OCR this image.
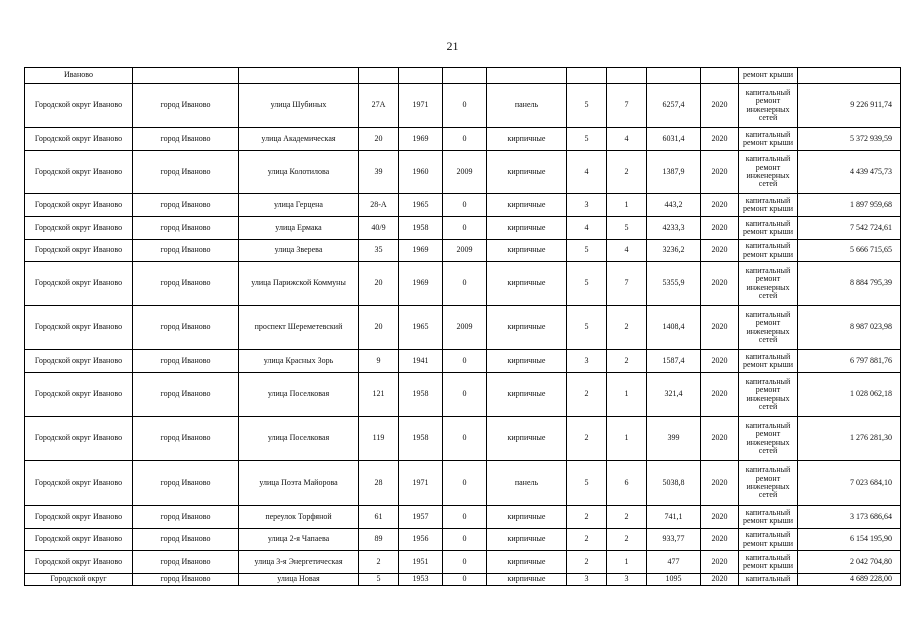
21
Иваново											ремонт крыши	
Городской округ Иваново	город Иваново	улица Шубиных	27А	1971	0	панель	5	7	6257,4	2020	капитальный ремонт инженерных сетей	9 226 911,74
Городской округ Иваново	город Иваново	улица Академическая	20	1969	0	кирпичные	5	4	6031,4	2020	капитальный ремонт крыши	5 372 939,59
Городской округ Иваново	город Иваново	улица Колотилова	39	1960	2009	кирпичные	4	2	1387,9	2020	капитальный ремонт инженерных сетей	4 439 475,73
Городской округ Иваново	город Иваново	улица Герцена	28-А	1965	0	кирпичные	3	1	443,2	2020	капитальный ремонт крыши	1 897 959,68
Городской округ Иваново	город Иваново	улица Ермака	40/9	1958	0	кирпичные	4	5	4233,3	2020	капитальный ремонт крыши	7 542 724,61
Городской округ Иваново	город Иваново	улица Зверева	35	1969	2009	кирпичные	5	4	3236,2	2020	капитальный ремонт крыши	5 666 715,65
Городской округ Иваново	город Иваново	улица Парижской Коммуны	20	1969	0	кирпичные	5	7	5355,9	2020	капитальный ремонт инженерных сетей	8 884 795,39
Городской округ Иваново	город Иваново	проспект Шереметевский	20	1965	2009	кирпичные	5	2	1408,4	2020	капитальный ремонт инженерных сетей	8 987 023,98
Городской округ Иваново	город Иваново	улица Красных Зорь	9	1941	0	кирпичные	3	2	1587,4	2020	капитальный ремонт крыши	6 797 881,76
Городской округ Иваново	город Иваново	улица Поселковая	121	1958	0	кирпичные	2	1	321,4	2020	капитальный ремонт инженерных сетей	1 028 062,18
Городской округ Иваново	город Иваново	улица Поселковая	119	1958	0	кирпичные	2	1	399	2020	капитальный ремонт инженерных сетей	1 276 281,30
Городской округ Иваново	город Иваново	улица Поэта Майорова	28	1971	0	панель	5	6	5038,8	2020	капитальный ремонт инженерных сетей	7 023 684,10
Городской округ Иваново	город Иваново	переулок Торфяной	61	1957	0	кирпичные	2	2	741,1	2020	капитальный ремонт крыши	3 173 686,64
Городской округ Иваново	город Иваново	улица 2-я Чапаева	89	1956	0	кирпичные	2	2	933,77	2020	капитальный ремонт крыши	6 154 195,90
Городской округ Иваново	город Иваново	улица 3-я Энергетическая	2	1951	0	кирпичные	2	1	477	2020	капитальный ремонт крыши	2 042 704,80
Городской округ	город Иваново	улица Новая	5	1953	0	кирпичные	3	3	1095	2020	капитальный	4 689 228,00
